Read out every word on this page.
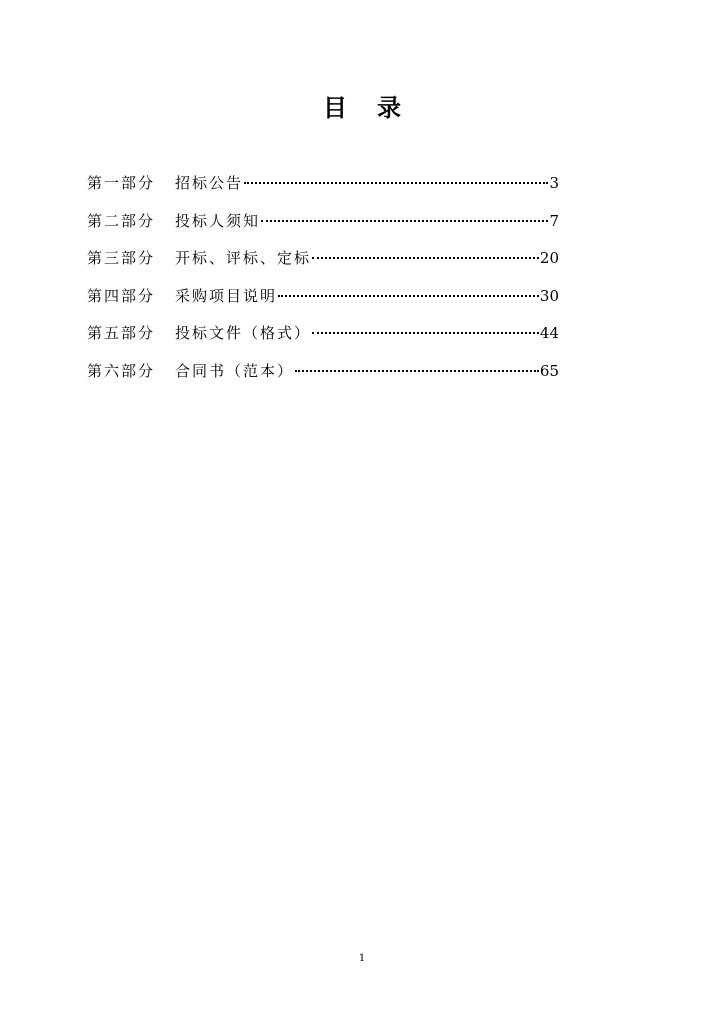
目录
第一部分	招标公告	3
第二部分	投标人须知	7
第三部分	开标、评标、定标	20
第四部分	采购项目说明	30
第五部分	投标文件（格式）	44
第六部分	合同书（范本）	65
1
